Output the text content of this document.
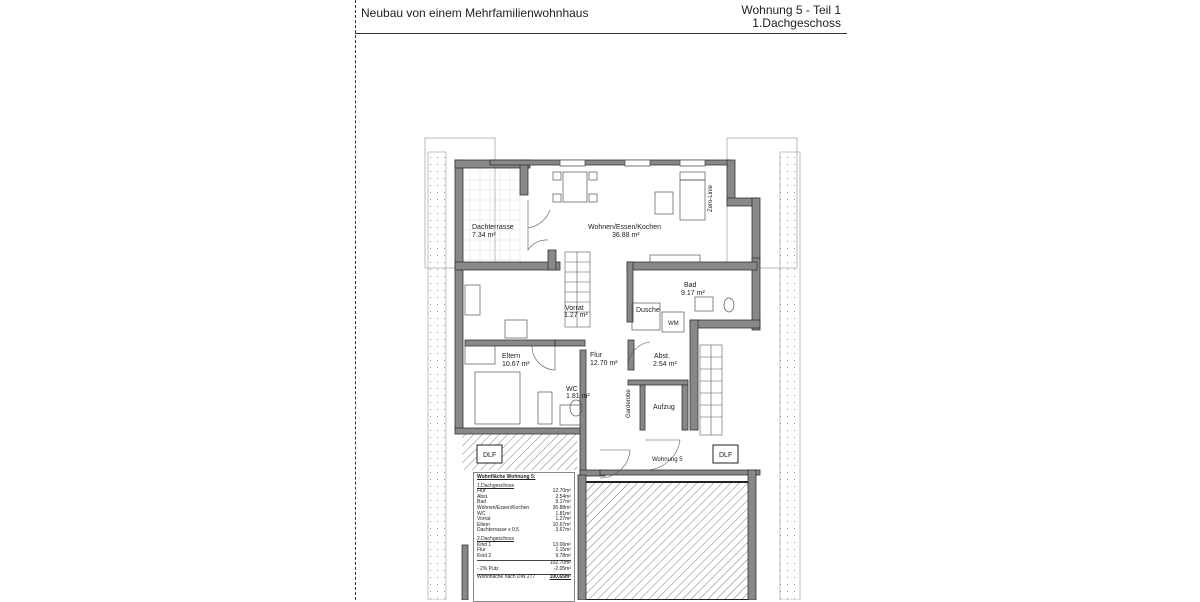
Neubau von einem Mehrfamilienwohnhaus	Wohnung 5 - Teil 1
1.Dachgeschoss
DLF	DLF
Dachterrasse
7.34 m²
Wohnen/Essen/Kochen
36.88 m²
Bad
9.17 m²
Dusche
WM
Vorrat
1.27 m²
Eltern
10.67 m²
Flur
12.70 m²
Abst.
2.54 m²
WC
1.81 m²
Aufzug
Garderobe
Wohnung 5
Zero-Linie
Wohnfläche Wohnung 5:
1.Dachgeschoss
Flur	12.70m²
Abst.	2.54m²
Bad	9.17m²
Wohnen/Essen/Kochen	36.88m²
WC	1.81m²
Vorrat	1.27m²
Eltern	10.67m²
Dachterrasse x 0,5	3.67m²
2.Dachgeschoss
Kind 1	13.06m²
Flur	1.15m²
Kind 2	9.78m²
102.70m²
- 2% Putz	-2.05m²
Wohnfläche nach DIN 277	100.65m²
